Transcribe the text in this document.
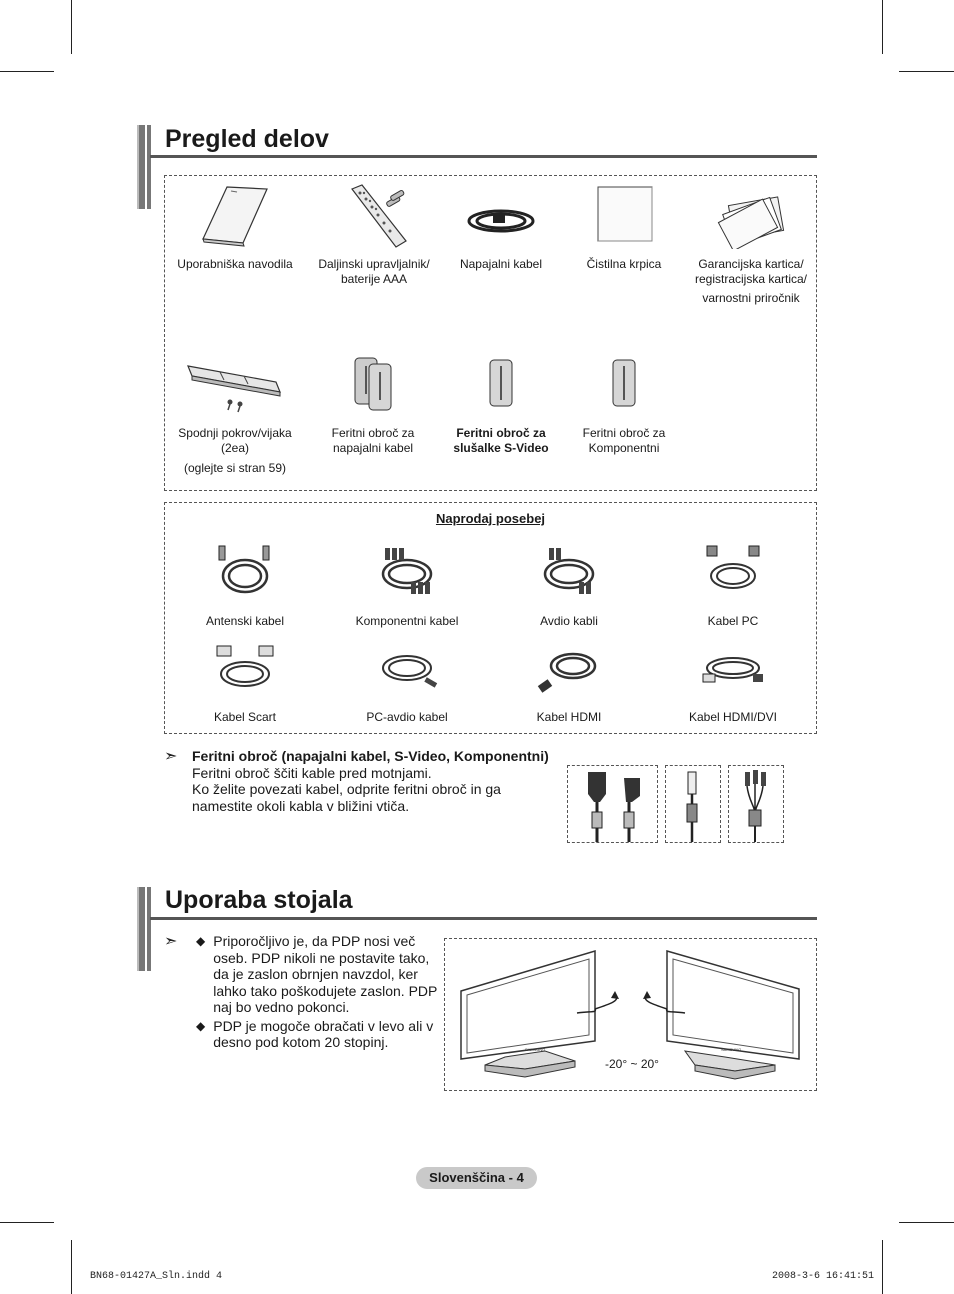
Pregled delov
Uporabniška navodila	Daljinski upravljalnik/ baterije AAA
Napajalni kabel	Čistilna krpica	Garancijska kartica/ registracijska kartica/
varnostni priročnik
Spodnji pokrov/vijaka (2ea)
(oglejte si stran 59)
Feritni obroč za napajalni kabel
Feritni obroč za slušalke S-Video
Feritni obroč za Komponentni
Naprodaj posebej
Antenski kabel	Komponentni kabel	Avdio kabli	Kabel PC
Kabel Scart	PC-avdio kabel	Kabel HDMI	Kabel HDMI/DVI
➣ Feritni obroč (napajalni kabel, S-Video, Komponentni)
Feritni obroč ščiti kable pred motnjami.
Ko želite povezati kabel, odprite feritni obroč in ga namestite okoli kabla v bližini vtiča.
Uporaba stojala
➣ ◆ Priporočljivo je, da PDP nosi več oseb. PDP nikoli ne postavite tako, da je zaslon obrnjen navzdol, ker lahko tako poškodujete zaslon. PDP naj bo vedno pokonci.
◆ PDP je mogoče obračati v levo ali v desno pod kotom 20 stopinj.	SAMSUNG	SAMSUNG
-20° ~ 20°
Slovenščina - 4
BN68-01427A_Sln.indd 4	2008-3-6 16:41:51
